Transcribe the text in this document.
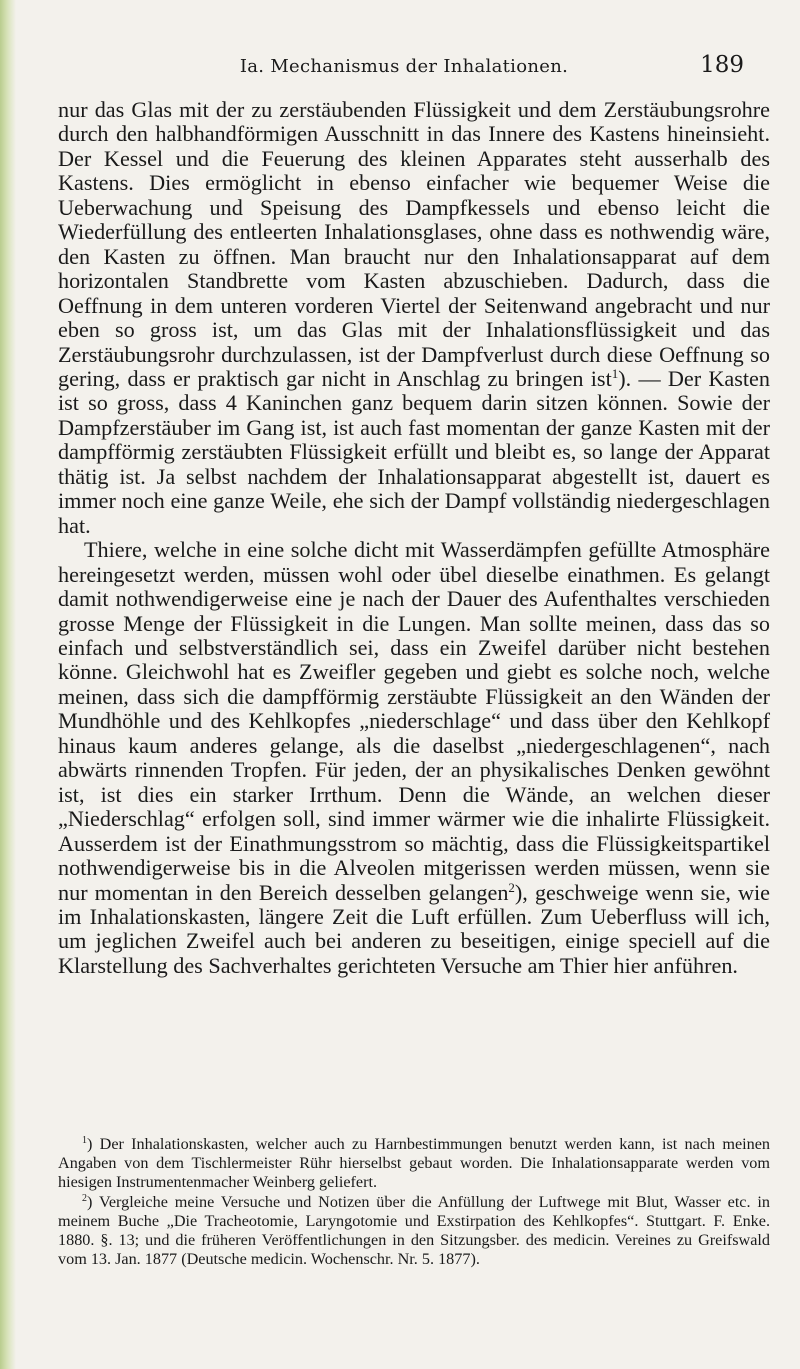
Ia. Mechanismus der Inhalationen.	189

nur das Glas mit der zu zerstäubenden Flüssigkeit und dem Zerstäubungsrohre durch den halbhandförmigen Ausschnitt in das Innere des Kastens hineinsieht. Der Kessel und die Feuerung des kleinen Apparates steht ausserhalb des Kastens. Dies ermöglicht in ebenso einfacher wie bequemer Weise die Ueberwachung und Speisung des Dampfkessels und ebenso leicht die Wiederfüllung des entleerten Inhalationsglases, ohne dass es nothwendig wäre, den Kasten zu öffnen. Man braucht nur den Inhalationsapparat auf dem horizontalen Standbrette vom Kasten abzuschieben. Dadurch, dass die Oeffnung in dem unteren vorderen Viertel der Seitenwand angebracht und nur eben so gross ist, um das Glas mit der Inhalationsflüssigkeit und das Zerstäubungsrohr durchzulassen, ist der Dampfverlust durch diese Oeffnung so gering, dass er praktisch gar nicht in Anschlag zu bringen ist$^1$). — Der Kasten ist so gross, dass 4 Kaninchen ganz bequem darin sitzen können. Sowie der Dampfzerstäuber im Gang ist, ist auch fast momentan der ganze Kasten mit der dampfförmig zerstäubten Flüssigkeit erfüllt und bleibt es, so lange der Apparat thätig ist. Ja selbst nachdem der Inhalationsapparat abgestellt ist, dauert es immer noch eine ganze Weile, ehe sich der Dampf vollständig niedergeschlagen hat.

Thiere, welche in eine solche dicht mit Wasserdämpfen gefüllte Atmosphäre hereingesetzt werden, müssen wohl oder übel dieselbe einathmen. Es gelangt damit nothwendigerweise eine je nach der Dauer des Aufenthaltes verschieden grosse Menge der Flüssigkeit in die Lungen. Man sollte meinen, dass das so einfach und selbstverständlich sei, dass ein Zweifel darüber nicht bestehen könne. Gleichwohl hat es Zweifler gegeben und giebt es solche noch, welche meinen, dass sich die dampfförmig zerstäubte Flüssigkeit an den Wänden der Mundhöhle und des Kehlkopfes „niederschlage“ und dass über den Kehlkopf hinaus kaum anderes gelange, als die daselbst „niedergeschlagenen“, nach abwärts rinnenden Tropfen. Für jeden, der an physikalisches Denken gewöhnt ist, ist dies ein starker Irrthum. Denn die Wände, an welchen dieser „Niederschlag“ erfolgen soll, sind immer wärmer wie die inhalirte Flüssigkeit. Ausserdem ist der Einathmungsstrom so mächtig, dass die Flüssigkeitspartikel nothwendigerweise bis in die Alveolen mitgerissen werden müssen, wenn sie nur momentan in den Bereich desselben gelangen$^2$), geschweige wenn sie, wie im Inhalationskasten, längere Zeit die Luft erfüllen. Zum Ueberfluss will ich, um jeglichen Zweifel auch bei anderen zu beseitigen, einige speciell auf die Klarstellung des Sachverhaltes gerichteten Versuche am Thier hier anführen.

$^1$) Der Inhalationskasten, welcher auch zu Harnbestimmungen benutzt werden kann, ist nach meinen Angaben von dem Tischlermeister Rühr hierselbst gebaut worden. Die Inhalationsapparate werden vom hiesigen Instrumentenmacher Weinberg geliefert.

$^2$) Vergleiche meine Versuche und Notizen über die Anfüllung der Luftwege mit Blut, Wasser etc. in meinem Buche „Die Tracheotomie, Laryngotomie und Exstirpation des Kehlkopfes“. Stuttgart. F. Enke. 1880. §. 13; und die früheren Veröffentlichungen in den Sitzungsber. des medicin. Vereines zu Greifswald vom 13. Jan. 1877 (Deutsche medicin. Wochenschr. Nr. 5. 1877).
